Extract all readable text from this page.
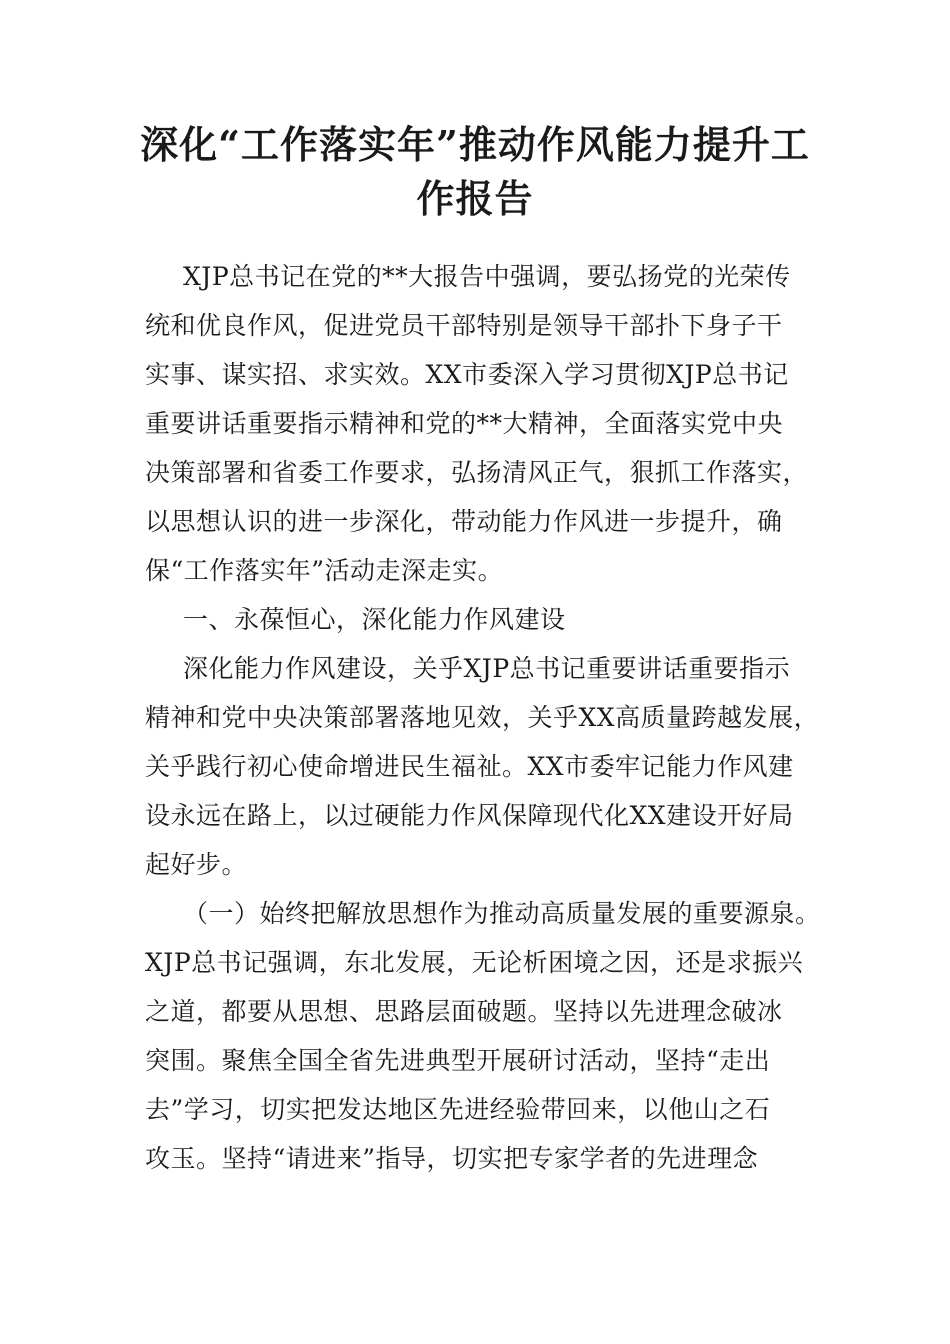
深化“工作落实年”推动作风能力提升工
作报告
XJP总书记在党的**大报告中强调，要弘扬党的光荣传
统和优良作风，促进党员干部特别是领导干部扑下身子干
实事、谋实招、求实效。XX市委深入学习贯彻XJP总书记
重要讲话重要指示精神和党的**大精神，全面落实党中央
决策部署和省委工作要求，弘扬清风正气，狠抓工作落实，
以思想认识的进一步深化，带动能力作风进一步提升，确
保“工作落实年”活动走深走实。
一、永葆恒心，深化能力作风建设
深化能力作风建设，关乎XJP总书记重要讲话重要指示
精神和党中央决策部署落地见效，关乎XX高质量跨越发展，
关乎践行初心使命增进民生福祉。XX市委牢记能力作风建
设永远在路上，以过硬能力作风保障现代化XX建设开好局
起好步。
（一）始终把解放思想作为推动高质量发展的重要源泉。
XJP总书记强调，东北发展，无论析困境之因，还是求振兴
之道，都要从思想、思路层面破题。坚持以先进理念破冰
突围。聚焦全国全省先进典型开展研讨活动，坚持“走出
去”学习，切实把发达地区先进经验带回来，以他山之石
攻玉。坚持“请进来”指导，切实把专家学者的先进理念
